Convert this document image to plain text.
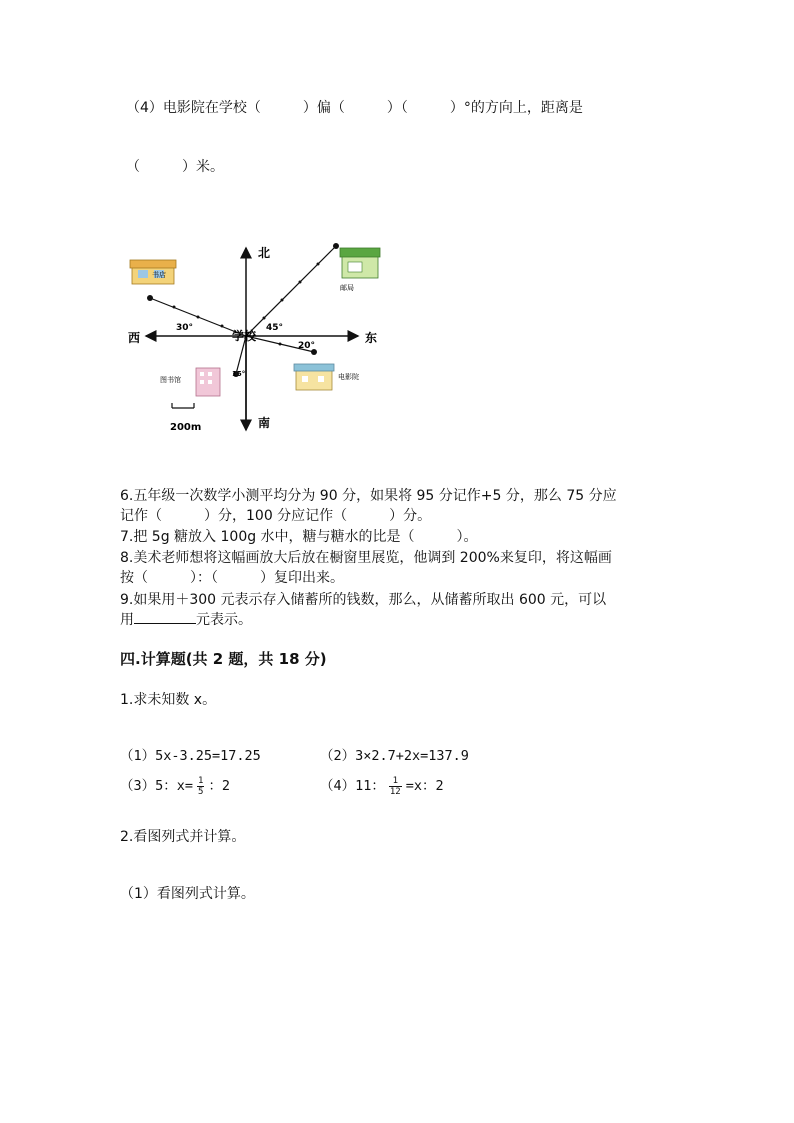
（4）电影院在学校（　　　）偏（　　　）（　　　）°的方向上，距离是
（　　　）米。
北
南
东
西	学校
书店
邮局
图书馆	电影院
30°	45°
20°
15°
200m
6.五年级一次数学小测平均分为 90 分，如果将 95 分记作+5 分，那么 75 分应
记作（　　　）分，100 分应记作（　　　）分。
7.把 5g 糖放入 100g 水中，糖与糖水的比是（　　　）。
8.美术老师想将这幅画放大后放在橱窗里展览，他调到 200%来复印，将这幅画
按（　　　）：（　　　）复印出来。
9.如果用＋300 元表示存入储蓄所的钱数，那么，从储蓄所取出 600 元，可以
用	元表示。
四.计算题(共 2 题，共 18 分)
1.求未知数 x。
（1）5x-3.25=17.25	（2）3×2.7+2x=137.9
（3）5：$x= \frac{1}{5}$ ：2	（4）11： $\frac{1}{12} =x$：2
2.看图列式并计算。
（1）看图列式计算。
